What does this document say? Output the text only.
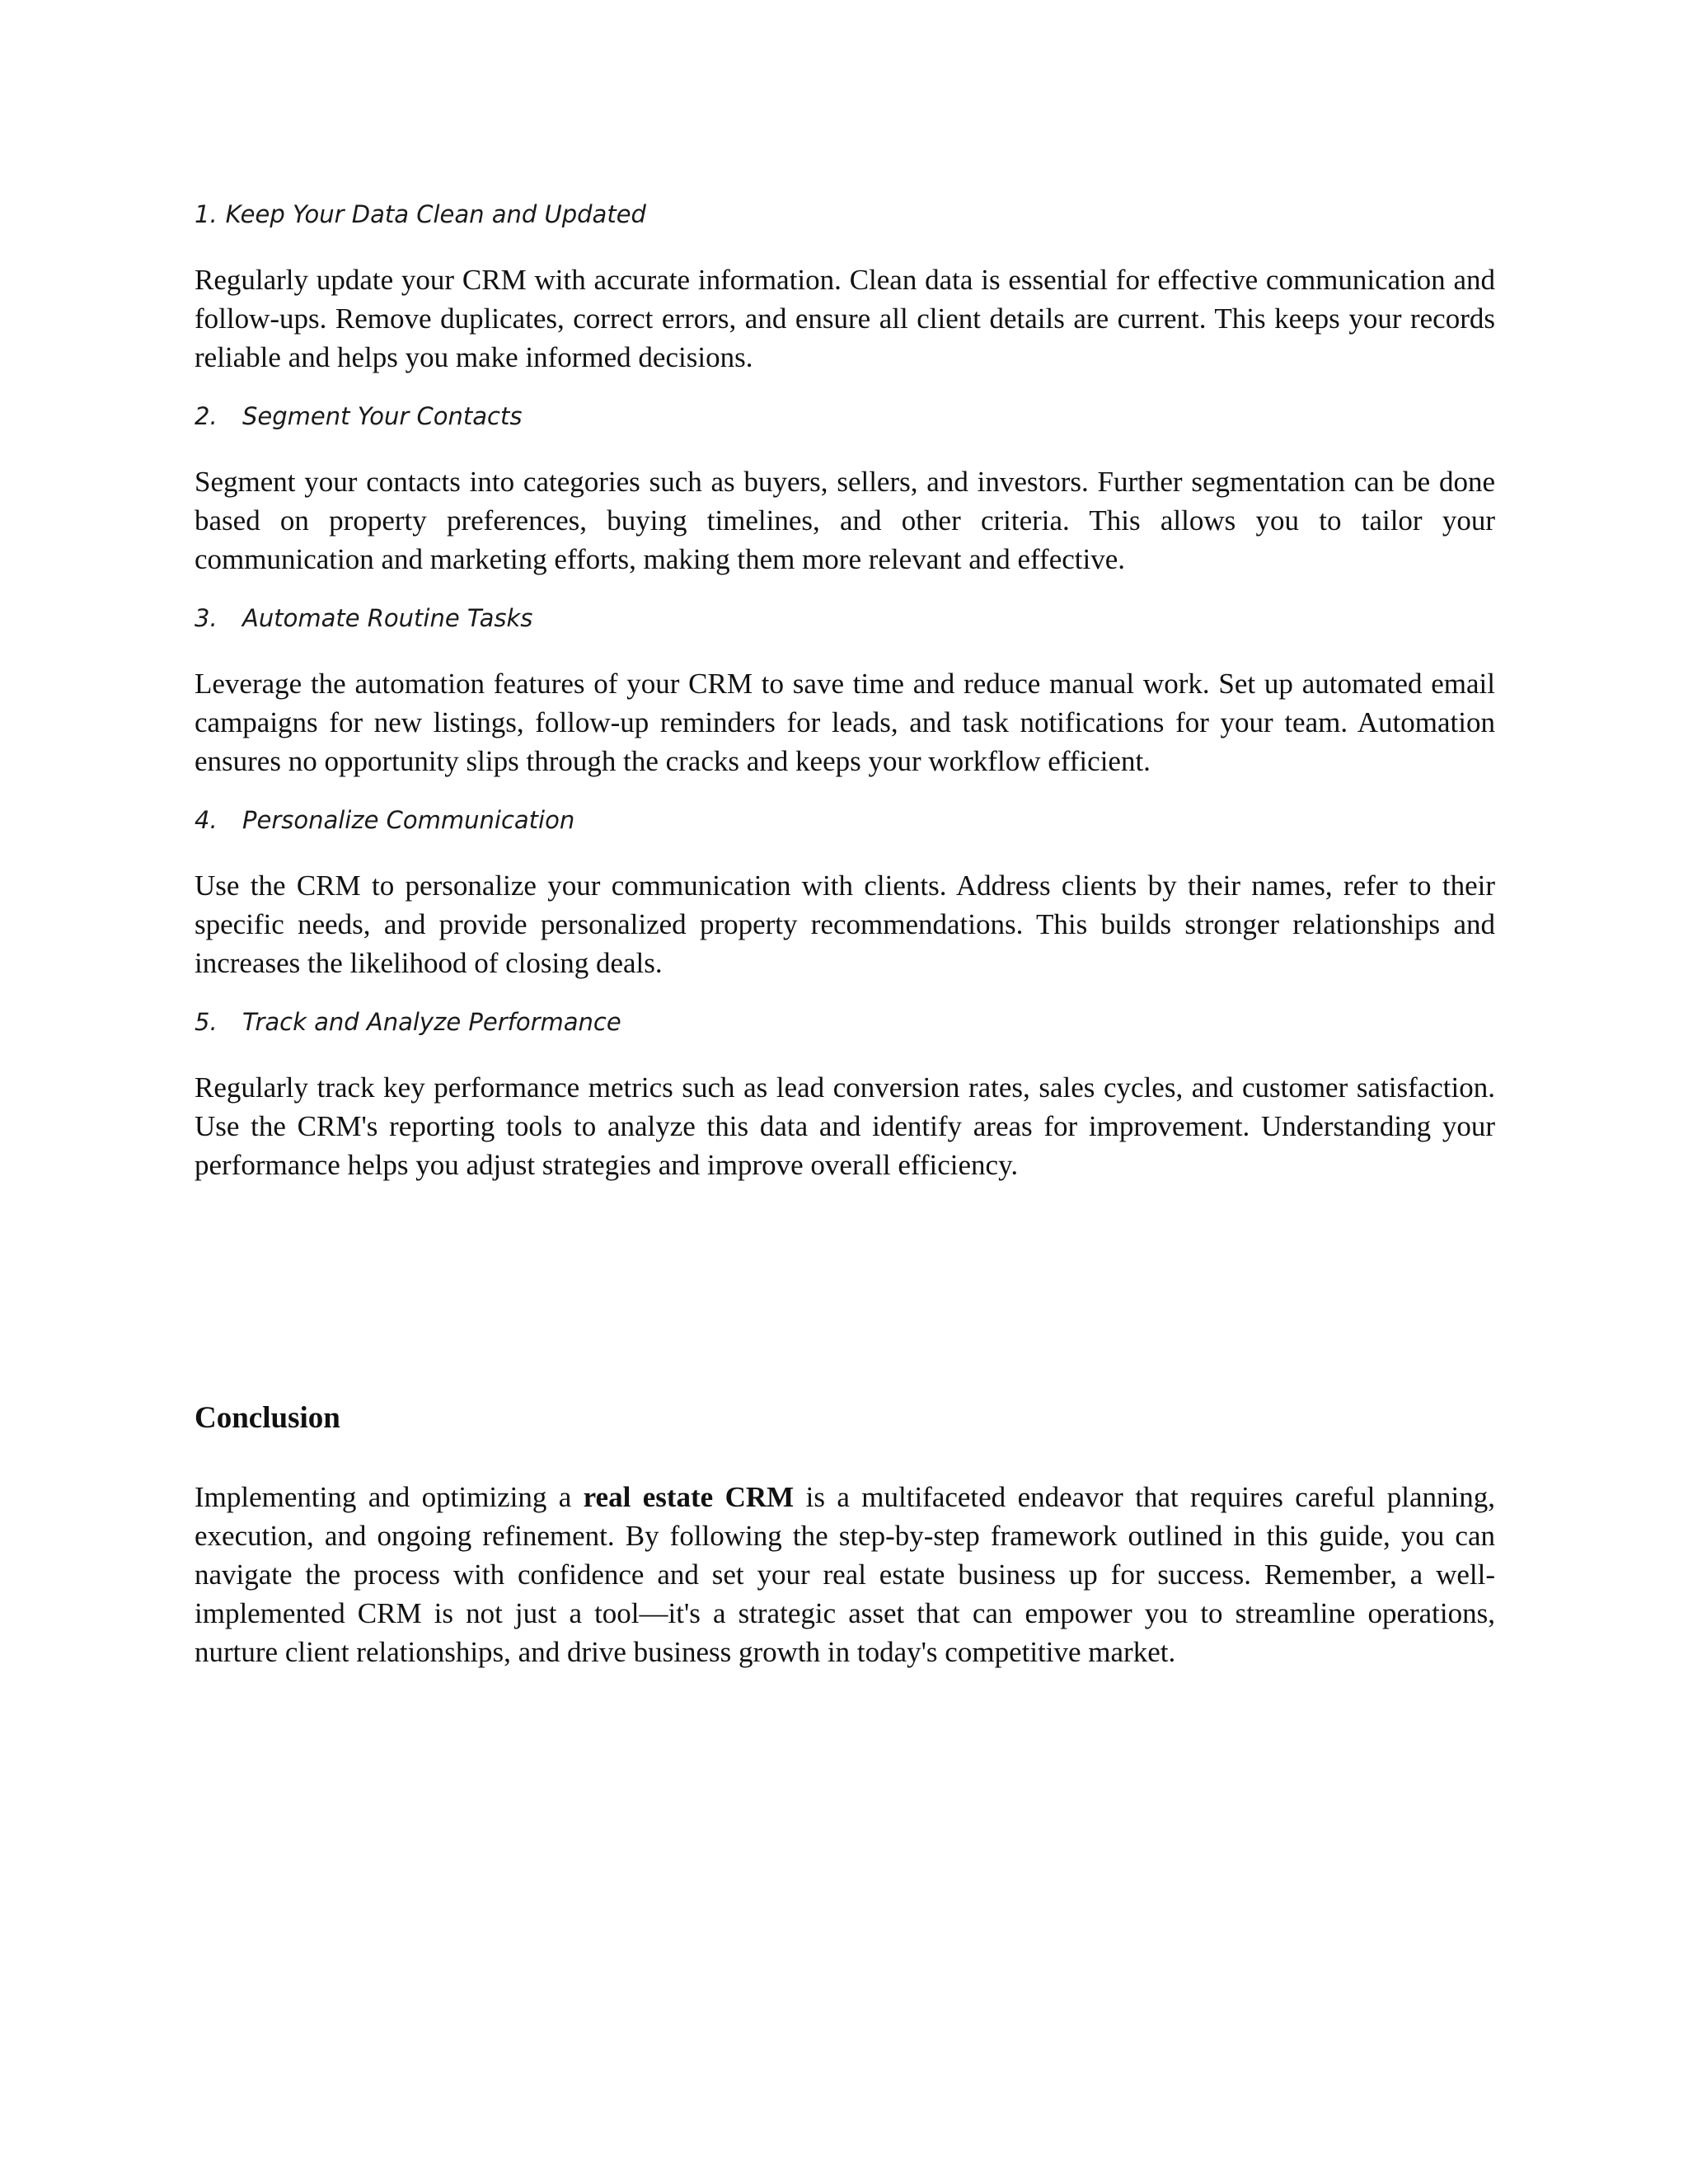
1. Keep Your Data Clean and Updated

Regularly update your CRM with accurate information. Clean data is essential for effective communication and follow-ups. Remove duplicates, correct errors, and ensure all client details are current. This keeps your records reliable and helps you make informed decisions.

2. Segment Your Contacts

Segment your contacts into categories such as buyers, sellers, and investors. Further segmentation can be done based on property preferences, buying timelines, and other criteria. This allows you to tailor your communication and marketing efforts, making them more relevant and effective.

3. Automate Routine Tasks

Leverage the automation features of your CRM to save time and reduce manual work. Set up automated email campaigns for new listings, follow-up reminders for leads, and task notifications for your team. Automation ensures no opportunity slips through the cracks and keeps your workflow efficient.

4. Personalize Communication

Use the CRM to personalize your communication with clients. Address clients by their names, refer to their specific needs, and provide personalized property recommendations. This builds stronger relationships and increases the likelihood of closing deals.

5. Track and Analyze Performance

Regularly track key performance metrics such as lead conversion rates, sales cycles, and customer satisfaction. Use the CRM's reporting tools to analyze this data and identify areas for improvement. Understanding your performance helps you adjust strategies and improve overall efficiency.

Conclusion

Implementing and optimizing a real estate CRM is a multifaceted endeavor that requires careful planning, execution, and ongoing refinement. By following the step-by-step framework outlined in this guide, you can navigate the process with confidence and set your real estate business up for success. Remember, a well-implemented CRM is not just a tool—it's a strategic asset that can empower you to streamline operations, nurture client relationships, and drive business growth in today's competitive market.
